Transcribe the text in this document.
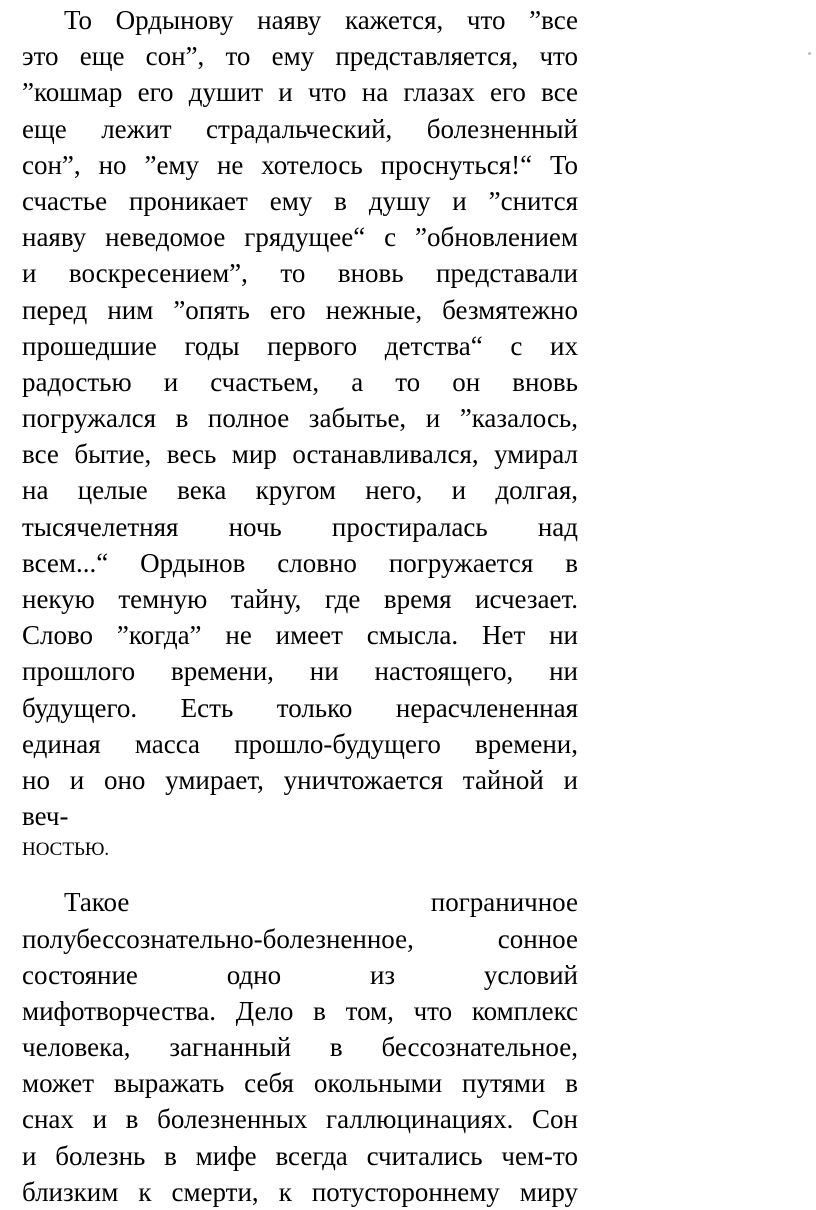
То Ордынову наяву кажется, что ”все
это еще сон”, то ему представляется, что
”кошмар его душит и что на глазах его все
еще лежит страдальческий, болезненный
сон”, но ”ему не хотелось проснуться!“ То
счастье проникает ему в душу и ”снится
наяву неведомое грядущее“ с ”обновлением
и воскресением”, то вновь представали
перед ним ”опять его нежные, безмятежно
прошедшие годы первого детства“ с их
радостью и счастьем, а то он вновь
погружался в полное забытье, и ”казалось,
все бытие, весь мир останавливался, умирал
на целые века кругом него, и долгая,
тысячелетняя ночь простиралась над
всем...“ Ордынов словно погружается в
некую темную тайну, где время исчезает.
Слово ”когда” не имеет смысла. Нет ни
прошлого времени, ни настоящего, ни
будущего. Есть только нерасчлененная
единая масса прошло-будущего времени,
но и оно умирает, уничтожается тайной и
веч-
НОСТЬЮ.
Такое пограничное
полубессознательно-болезненное, сонное
состояние одно из условий
мифотворчества. Дело в том, что комплекс
человека, загнанный в бессознательное,
может выражать себя окольными путями в
снах и в болезненных галлюцинациях. Сон
и болезнь в мифе всегда считались чем-то
близким к смерти, к потустороннему миру
